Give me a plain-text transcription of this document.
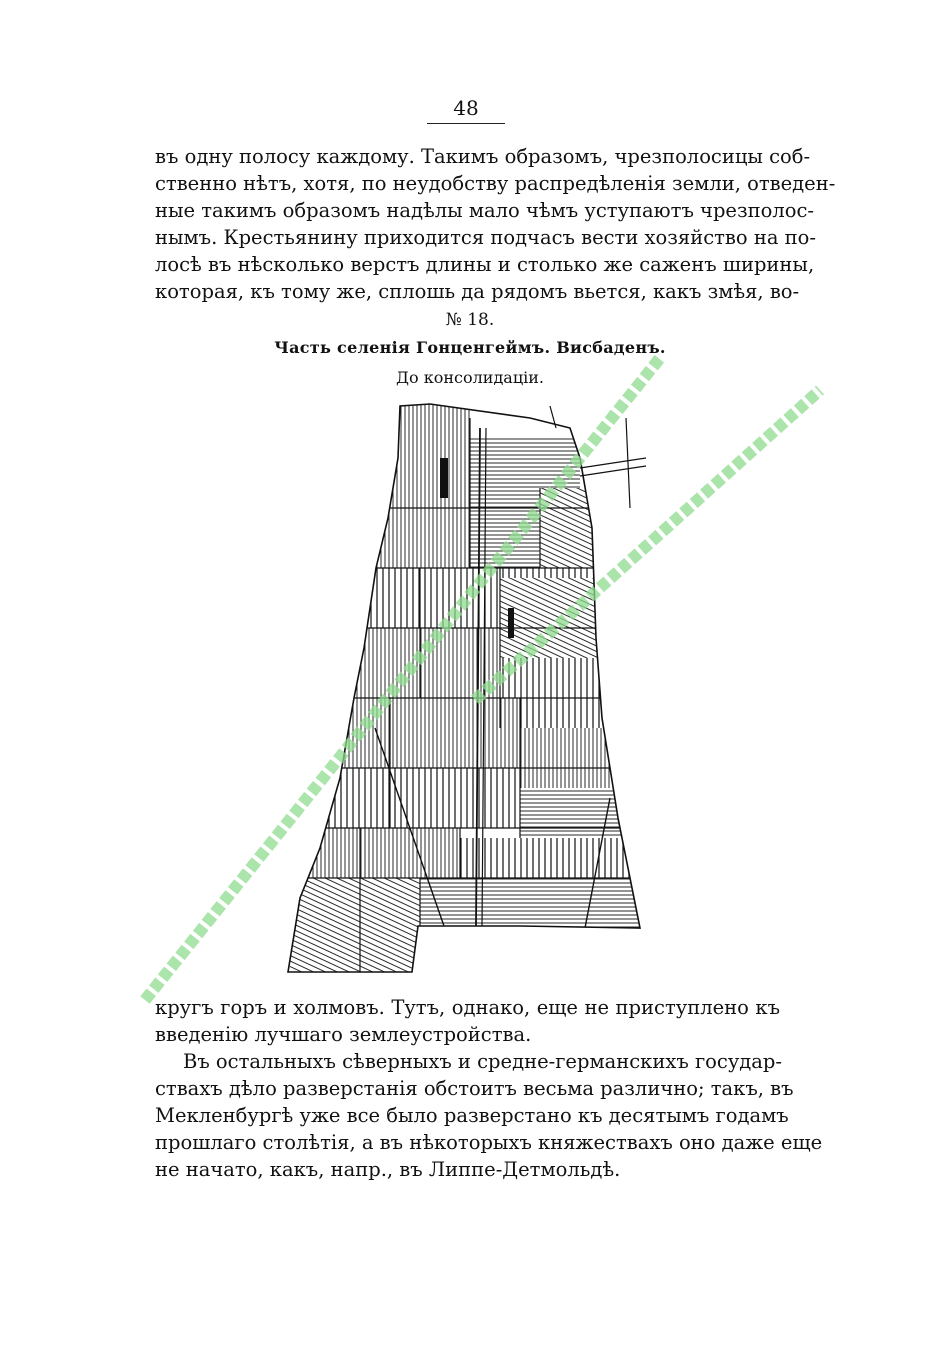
48
въ одну полосу каждому. Такимъ образомъ, чрезполосицы соб-
ственно нѣтъ, хотя, по неудобству распредѣленія земли, отведен-
ные такимъ образомъ надѣлы мало чѣмъ уступаютъ чрезполос-
нымъ. Крестьянину приходится подчасъ вести хозяйство на по-
лосѣ въ нѣсколько верстъ длины и столько же саженъ ширины,
которая, къ тому же, сплошь да рядомъ вьется, какъ змѣя, во-
№ 18.
Часть селенія Гонценгеймъ. Висбаденъ.
До консолидаціи.
кругъ горъ и холмовъ. Тутъ, однако, еще не приступлено къ
введенію лучшаго землеустройства.
Въ остальныхъ сѣверныхъ и средне-германскихъ государ-
ствахъ дѣло разверстанія обстоитъ весьма различно; такъ, въ
Мекленбургѣ уже все было разверстано къ десятымъ годамъ
прошлаго столѣтія, а въ нѣкоторыхъ княжествахъ оно даже еще
не начато, какъ, напр., въ Липпе-Детмольдѣ.
